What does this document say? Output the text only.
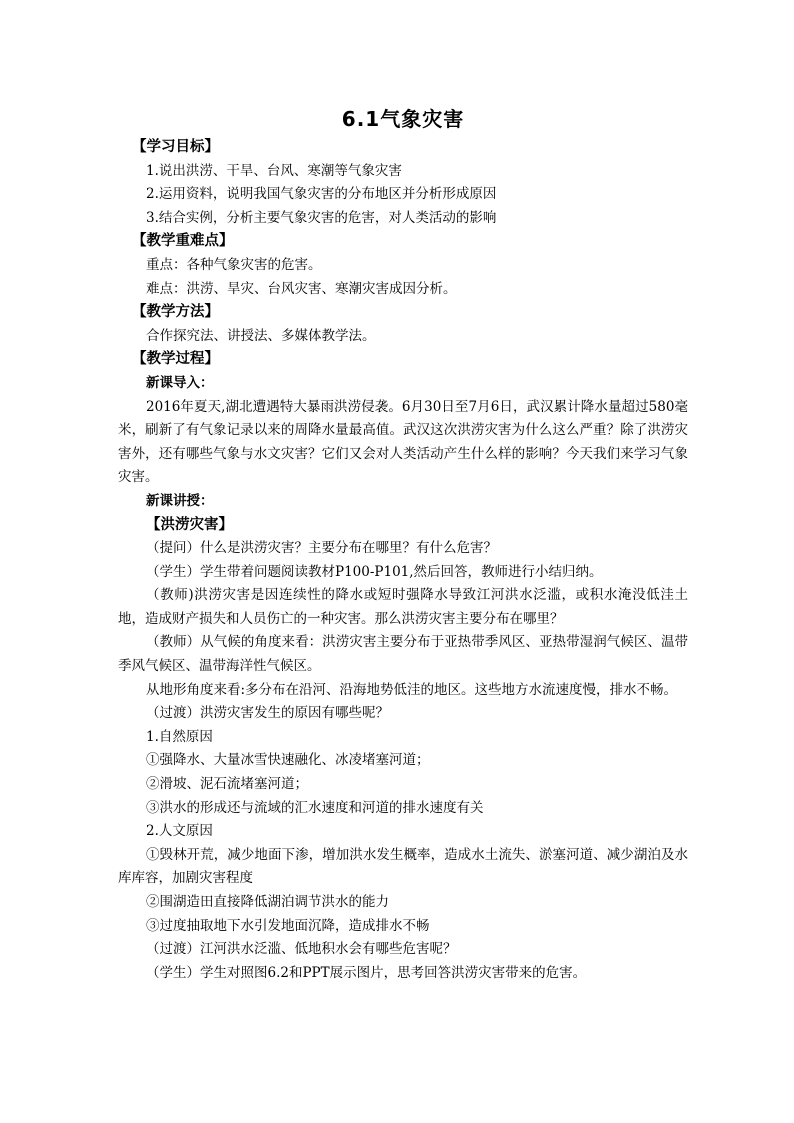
6.1气象灾害
【学习目标】
1.说出洪涝、干旱、台风、寒潮等气象灾害
2.运用资料，说明我国气象灾害的分布地区并分析形成原因
3.结合实例，分析主要气象灾害的危害，对人类活动的影响
【教学重难点】
重点：各种气象灾害的危害。
难点：洪涝、旱灾、台风灾害、寒潮灾害成因分析。
【教学方法】
合作探究法、讲授法、多媒体教学法。
【教学过程】
新课导入：
2016年夏天,湖北遭遇特大暴雨洪涝侵袭。6月30日至7月6日，武汉累计降水量超过580毫米，刷新了有气象记录以来的周降水量最高值。武汉这次洪涝灾害为什么这么严重？除了洪涝灾害外，还有哪些气象与水文灾害？它们又会对人类活动产生什么样的影响？今天我们来学习气象灾害。
新课讲授：
【洪涝灾害】
（提问）什么是洪涝灾害？主要分布在哪里？有什么危害？
（学生）学生带着问题阅读教材P100-P101,然后回答，教师进行小结归纳。
（教师)洪涝灾害是因连续性的降水或短时强降水导致江河洪水泛滥，或积水淹没低洼土地，造成财产损失和人员伤亡的一种灾害。那么洪涝灾害主要分布在哪里？
（教师）从气候的角度来看：洪涝灾害主要分布于亚热带季风区、亚热带湿润气候区、温带季风气候区、温带海洋性气候区。
从地形角度来看:多分布在沿河、沿海地势低洼的地区。这些地方水流速度慢，排水不畅。
（过渡）洪涝灾害发生的原因有哪些呢？
1.自然原因
①强降水、大量冰雪快速融化、冰凌堵塞河道；
②滑坡、泥石流堵塞河道；
③洪水的形成还与流域的汇水速度和河道的排水速度有关
2.人文原因
①毁林开荒，减少地面下渗，增加洪水发生概率，造成水土流失、淤塞河道、减少湖泊及水库库容，加剧灾害程度
②围湖造田直接降低湖泊调节洪水的能力
③过度抽取地下水引发地面沉降，造成排水不畅
（过渡）江河洪水泛滥、低地积水会有哪些危害呢？
（学生）学生对照图6.2和PPT展示图片，思考回答洪涝灾害带来的危害。
